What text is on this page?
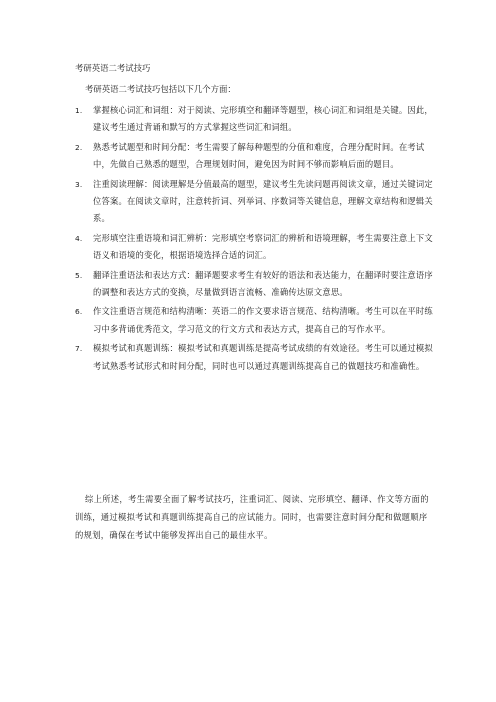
考研英语二考试技巧
考研英语二考试技巧包括以下几个方面：
1. 掌握核心词汇和词组：对于阅读、完形填空和翻译等题型，核心词汇和词组是关键。因此，建议考生通过背诵和默写的方式掌握这些词汇和词组。
2. 熟悉考试题型和时间分配：考生需要了解每种题型的分值和难度，合理分配时间。在考试中，先做自己熟悉的题型，合理规划时间，避免因为时间不够而影响后面的题目。
3. 注重阅读理解：阅读理解是分值最高的题型，建议考生先读问题再阅读文章，通过关键词定位答案。在阅读文章时，注意转折词、列举词、序数词等关键信息，理解文章结构和逻辑关系。
4. 完形填空注重语境和词汇辨析：完形填空考察词汇的辨析和语境理解，考生需要注意上下文语义和语境的变化，根据语境选择合适的词汇。
5. 翻译注重语法和表达方式：翻译题要求考生有较好的语法和表达能力，在翻译时要注意语序的调整和表达方式的变换，尽量做到语言流畅、准确传达原文意思。
6. 作文注重语言规范和结构清晰：英语二的作文要求语言规范、结构清晰。考生可以在平时练习中多背诵优秀范文，学习范文的行文方式和表达方式，提高自己的写作水平。
7. 模拟考试和真题训练：模拟考试和真题训练是提高考试成绩的有效途径。考生可以通过模拟考试熟悉考试形式和时间分配，同时也可以通过真题训练提高自己的做题技巧和准确性。

综上所述，考生需要全面了解考试技巧，注重词汇、阅读、完形填空、翻译、作文等方面的训练，通过模拟考试和真题训练提高自己的应试能力。同时，也需要注意时间分配和做题顺序的规划，确保在考试中能够发挥出自己的最佳水平。
